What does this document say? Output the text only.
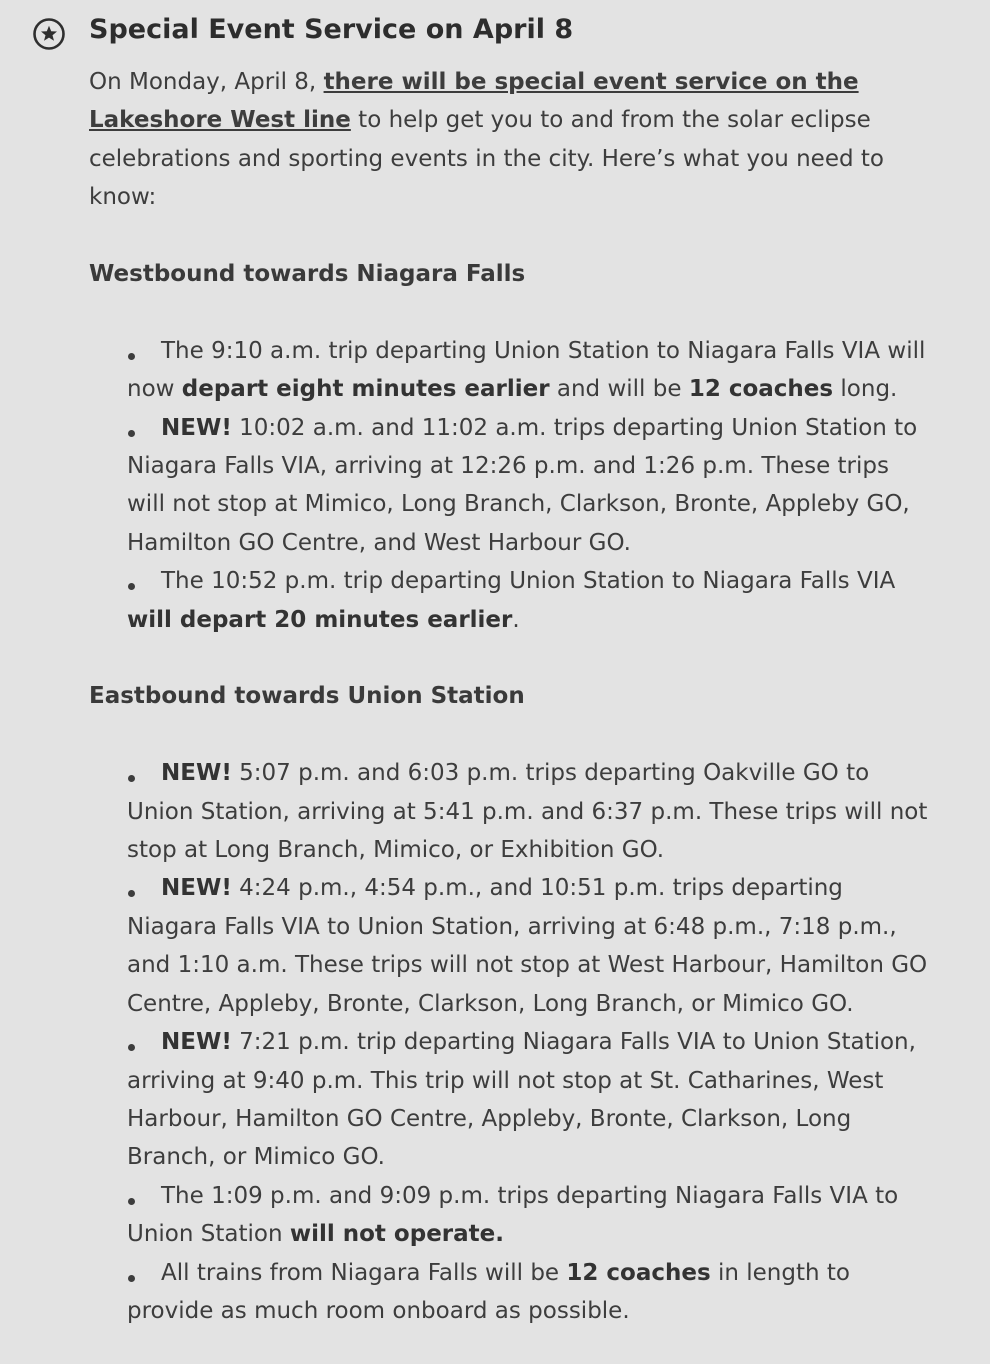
Special Event Service on April 8

On Monday, April 8, there will be special event service on the Lakeshore West line to help get you to and from the solar eclipse celebrations and sporting events in the city. Here’s what you need to know:

Westbound towards Niagara Falls
The 9:10 a.m. trip departing Union Station to Niagara Falls VIA will now depart eight minutes earlier and will be 12 coaches long.
NEW! 10:02 a.m. and 11:02 a.m. trips departing Union Station to Niagara Falls VIA, arriving at 12:26 p.m. and 1:26 p.m. These trips will not stop at Mimico, Long Branch, Clarkson, Bronte, Appleby GO, Hamilton GO Centre, and West Harbour GO.
The 10:52 p.m. trip departing Union Station to Niagara Falls VIA will depart 20 minutes earlier.
Eastbound towards Union Station
NEW! 5:07 p.m. and 6:03 p.m. trips departing Oakville GO to Union Station, arriving at 5:41 p.m. and 6:37 p.m. These trips will not stop at Long Branch, Mimico, or Exhibition GO.
NEW! 4:24 p.m., 4:54 p.m., and 10:51 p.m. trips departing Niagara Falls VIA to Union Station, arriving at 6:48 p.m., 7:18 p.m., and 1:10 a.m. These trips will not stop at West Harbour, Hamilton GO Centre, Appleby, Bronte, Clarkson, Long Branch, or Mimico GO.
NEW! 7:21 p.m. trip departing Niagara Falls VIA to Union Station, arriving at 9:40 p.m. This trip will not stop at St. Catharines, West Harbour, Hamilton GO Centre, Appleby, Bronte, Clarkson, Long Branch, or Mimico GO.
The 1:09 p.m. and 9:09 p.m. trips departing Niagara Falls VIA to Union Station will not operate.
All trains from Niagara Falls will be 12 coaches in length to provide as much room onboard as possible.
